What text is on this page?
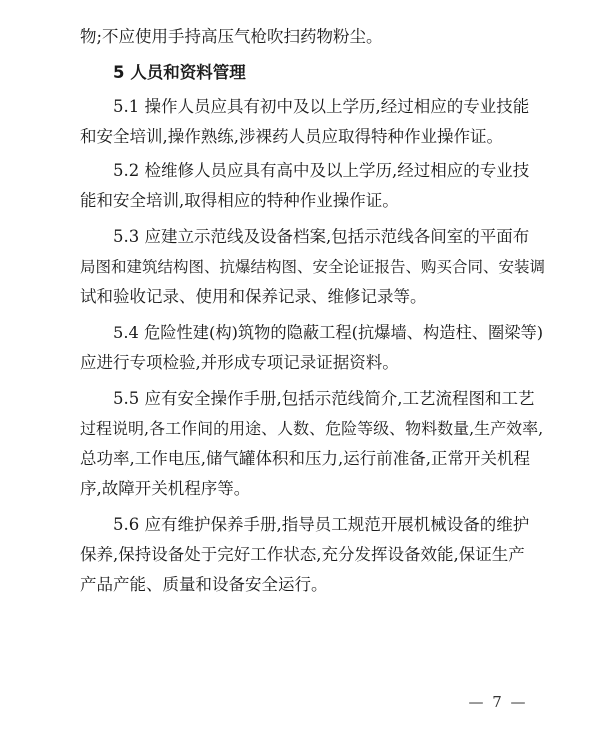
物;不应使用手持高压气枪吹扫药物粉尘。
5 人员和资料管理
5.1 操作人员应具有初中及以上学历,经过相应的专业技能
和安全培训,操作熟练,涉裸药人员应取得特种作业操作证。
5.2 检维修人员应具有高中及以上学历,经过相应的专业技
能和安全培训,取得相应的特种作业操作证。
5.3 应建立示范线及设备档案,包括示范线各间室的平面布
局图和建筑结构图、抗爆结构图、安全论证报告、购买合同、安装调
试和验收记录、使用和保养记录、维修记录等。
5.4 危险性建(构)筑物的隐蔽工程(抗爆墙、构造柱、圈梁等)
应进行专项检验,并形成专项记录证据资料。
5.5 应有安全操作手册,包括示范线简介,工艺流程图和工艺
过程说明,各工作间的用途、人数、危险等级、物料数量,生产效率,
总功率,工作电压,储气罐体积和压力,运行前准备,正常开关机程
序,故障开关机程序等。
5.6 应有维护保养手册,指导员工规范开展机械设备的维护
保养,保持设备处于完好工作状态,充分发挥设备效能,保证生产
产品产能、质量和设备安全运行。
— 7 —
